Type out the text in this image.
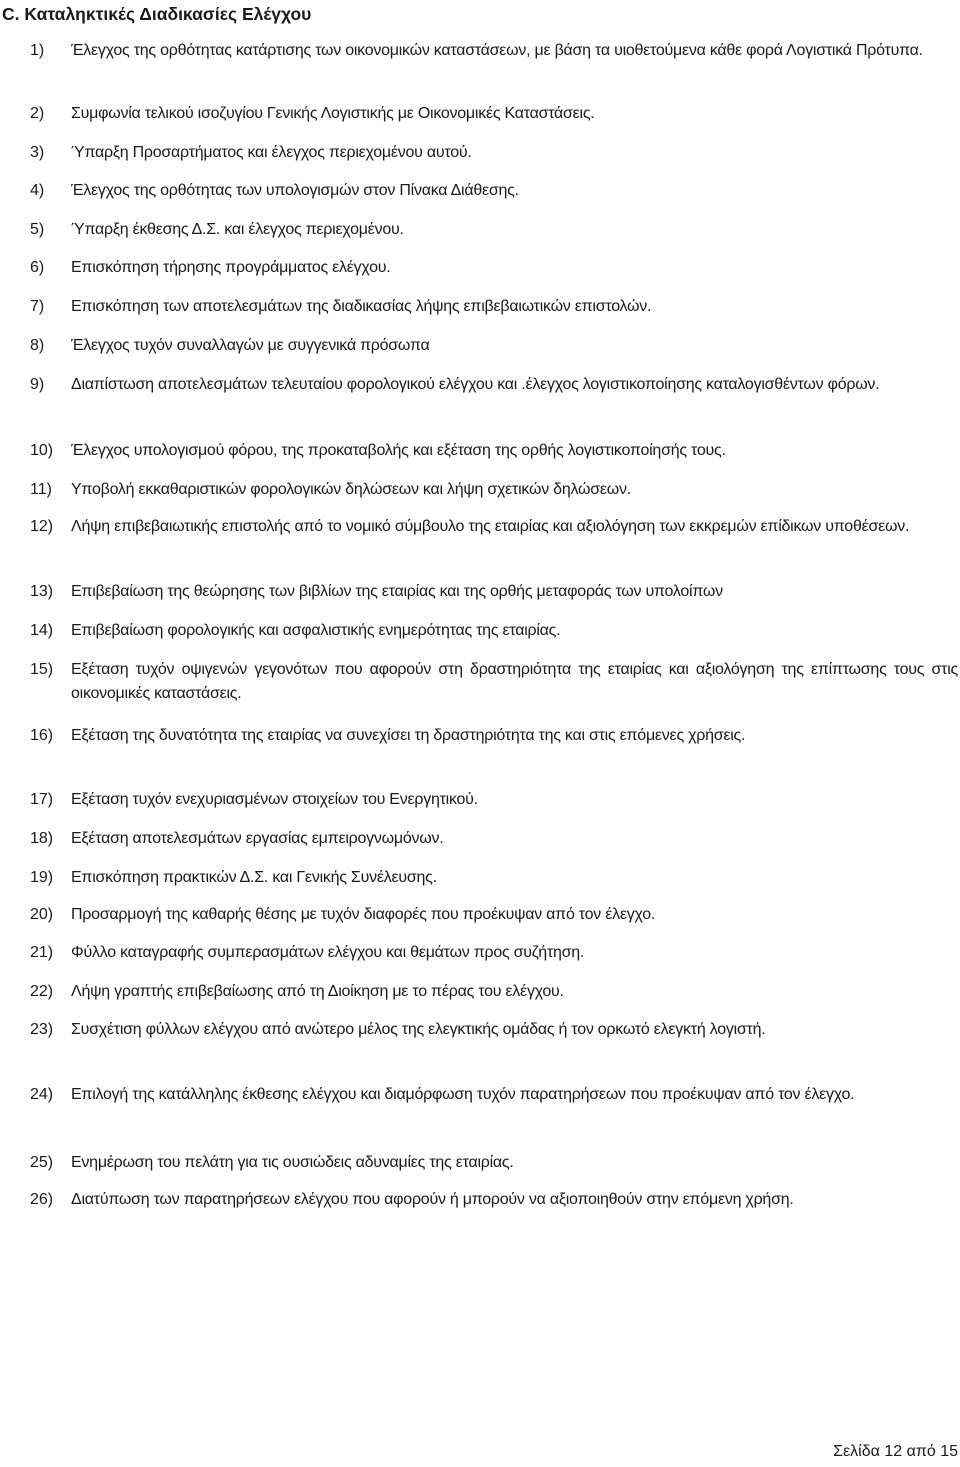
C. Καταληκτικές Διαδικασίες Ελέγχου
1) Έλεγχος της ορθότητας κατάρτισης των οικονομικών καταστάσεων, με βάση τα υιοθετούμενα κάθε φορά Λογιστικά Πρότυπα.
2) Συμφωνία τελικού ισοζυγίου Γενικής Λογιστικής με Οικονομικές Καταστάσεις.
3) Ύπαρξη Προσαρτήματος και έλεγχος περιεχομένου αυτού.
4) Έλεγχος της ορθότητας των υπολογισμών στον Πίνακα Διάθεσης.
5) Ύπαρξη έκθεσης Δ.Σ. και έλεγχος περιεχομένου.
6) Επισκόπηση τήρησης προγράμματος ελέγχου.
7) Επισκόπηση των αποτελεσμάτων της διαδικασίας λήψης επιβεβαιωτικών επιστολών.
8) Έλεγχος τυχόν συναλλαγών με συγγενικά πρόσωπα
9) Διαπίστωση αποτελεσμάτων τελευταίου φορολογικού ελέγχου και .έλεγχος λογιστικοποίησης καταλογισθέντων φόρων.
10) Έλεγχος υπολογισμού φόρου, της προκαταβολής και εξέταση της ορθής λογιστικοποίησής τους.
11) Υποβολή εκκαθαριστικών φορολογικών δηλώσεων και λήψη σχετικών δηλώσεων.
12) Λήψη επιβεβαιωτικής επιστολής από το νομικό σύμβουλο της εταιρίας και αξιολόγηση των εκκρεμών επίδικων υποθέσεων.
13) Επιβεβαίωση της θεώρησης των βιβλίων της εταιρίας και της ορθής μεταφοράς των υπολοίπων
14) Επιβεβαίωση φορολογικής και ασφαλιστικής ενημερότητας της εταιρίας.
15) Εξέταση τυχόν οψιγενών γεγονότων που αφορούν στη δραστηριότητα της εταιρίας και αξιολόγηση της επίπτωσης τους στις οικονομικές καταστάσεις.
16) Εξέταση της δυνατότητα της εταιρίας να συνεχίσει τη δραστηριότητα της και στις επόμενες χρήσεις.
17) Εξέταση τυχόν ενεχυριασμένων στοιχείων του Ενεργητικού.
18) Εξέταση αποτελεσμάτων εργασίας εμπειρογνωμόνων.
19) Επισκόπηση πρακτικών Δ.Σ. και Γενικής Συνέλευσης.
20) Προσαρμογή της καθαρής θέσης με τυχόν διαφορές που προέκυψαν από τον έλεγχο.
21) Φύλλο καταγραφής συμπερασμάτων ελέγχου και θεμάτων προς συζήτηση.
22) Λήψη γραπτής επιβεβαίωσης από τη Διοίκηση με το πέρας του ελέγχου.
23) Συσχέτιση φύλλων ελέγχου από ανώτερο μέλος της ελεγκτικής ομάδας ή τον ορκωτό ελεγκτή λογιστή.
24) Επιλογή της κατάλληλης έκθεσης ελέγχου και διαμόρφωση τυχόν παρατηρήσεων που προέκυψαν από τον έλεγχο.
25) Ενημέρωση του πελάτη για τις ουσιώδεις αδυναμίες της εταιρίας.
26) Διατύπωση των παρατηρήσεων ελέγχου που αφορούν ή μπορούν να αξιοποιηθούν στην επόμενη χρήση.
Σελίδα 12 από 15
